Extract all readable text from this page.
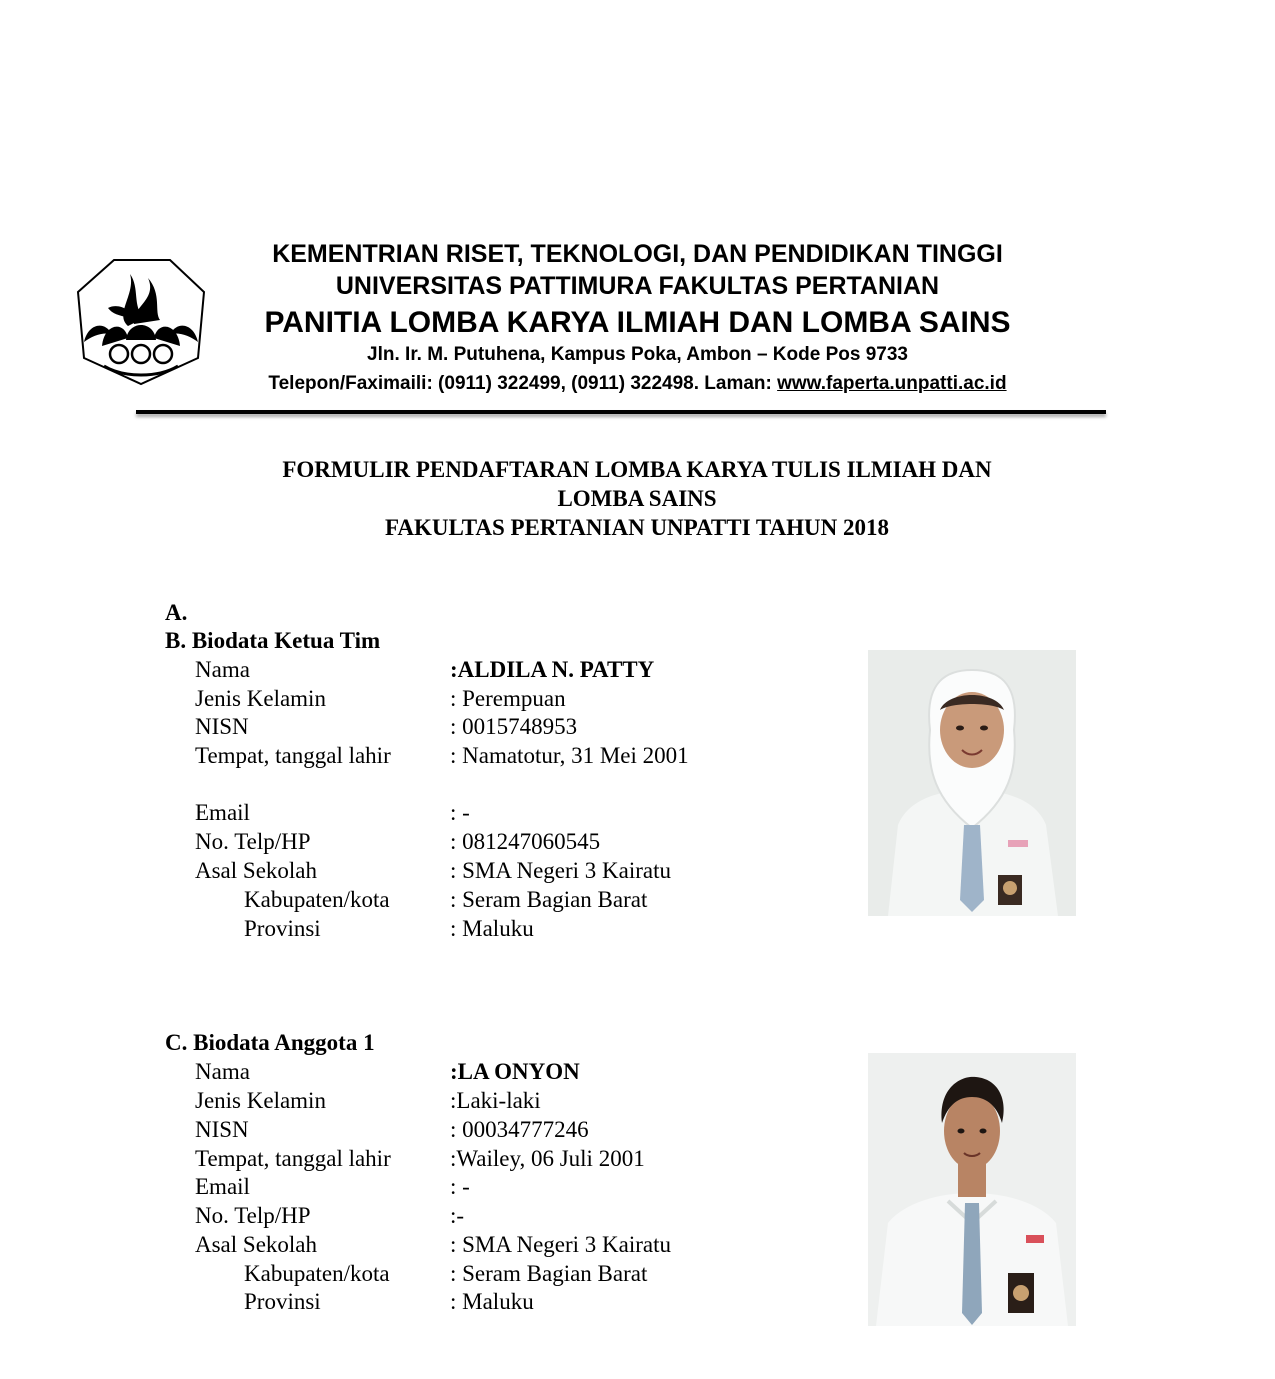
KEMENTRIAN RISET, TEKNOLOGI, DAN PENDIDIKAN TINGGI
UNIVERSITAS PATTIMURA FAKULTAS PERTANIAN
PANITIA LOMBA KARYA ILMIAH DAN LOMBA SAINS
Jln. Ir. M. Putuhena, Kampus Poka, Ambon – Kode Pos 9733
Telepon/Faximaili: (0911) 322499, (0911) 322498. Laman: www.faperta.unpatti.ac.id
FORMULIR PENDAFTARAN LOMBA KARYA TULIS ILMIAH DAN
LOMBA SAINS
FAKULTAS PERTANIAN UNPATTI TAHUN 2018
A.
B. Biodata Ketua Tim
Nama	:ALDILA N. PATTY
Jenis Kelamin	: Perempuan
NISN	: 0015748953
Tempat, tanggal lahir	: Namatotur, 31 Mei 2001
Email	: -
No. Telp/HP	: 081247060545
Asal Sekolah	: SMA Negeri 3 Kairatu
Kabupaten/kota	: Seram Bagian Barat
Provinsi	: Maluku
C. Biodata Anggota 1
Nama	:LA ONYON
Jenis Kelamin	:Laki-laki
NISN	: 00034777246
Tempat, tanggal lahir	:Wailey, 06 Juli 2001
Email	: -
No. Telp/HP	:-
Asal Sekolah	: SMA Negeri 3 Kairatu
Kabupaten/kota	: Seram Bagian Barat
Provinsi	: Maluku
